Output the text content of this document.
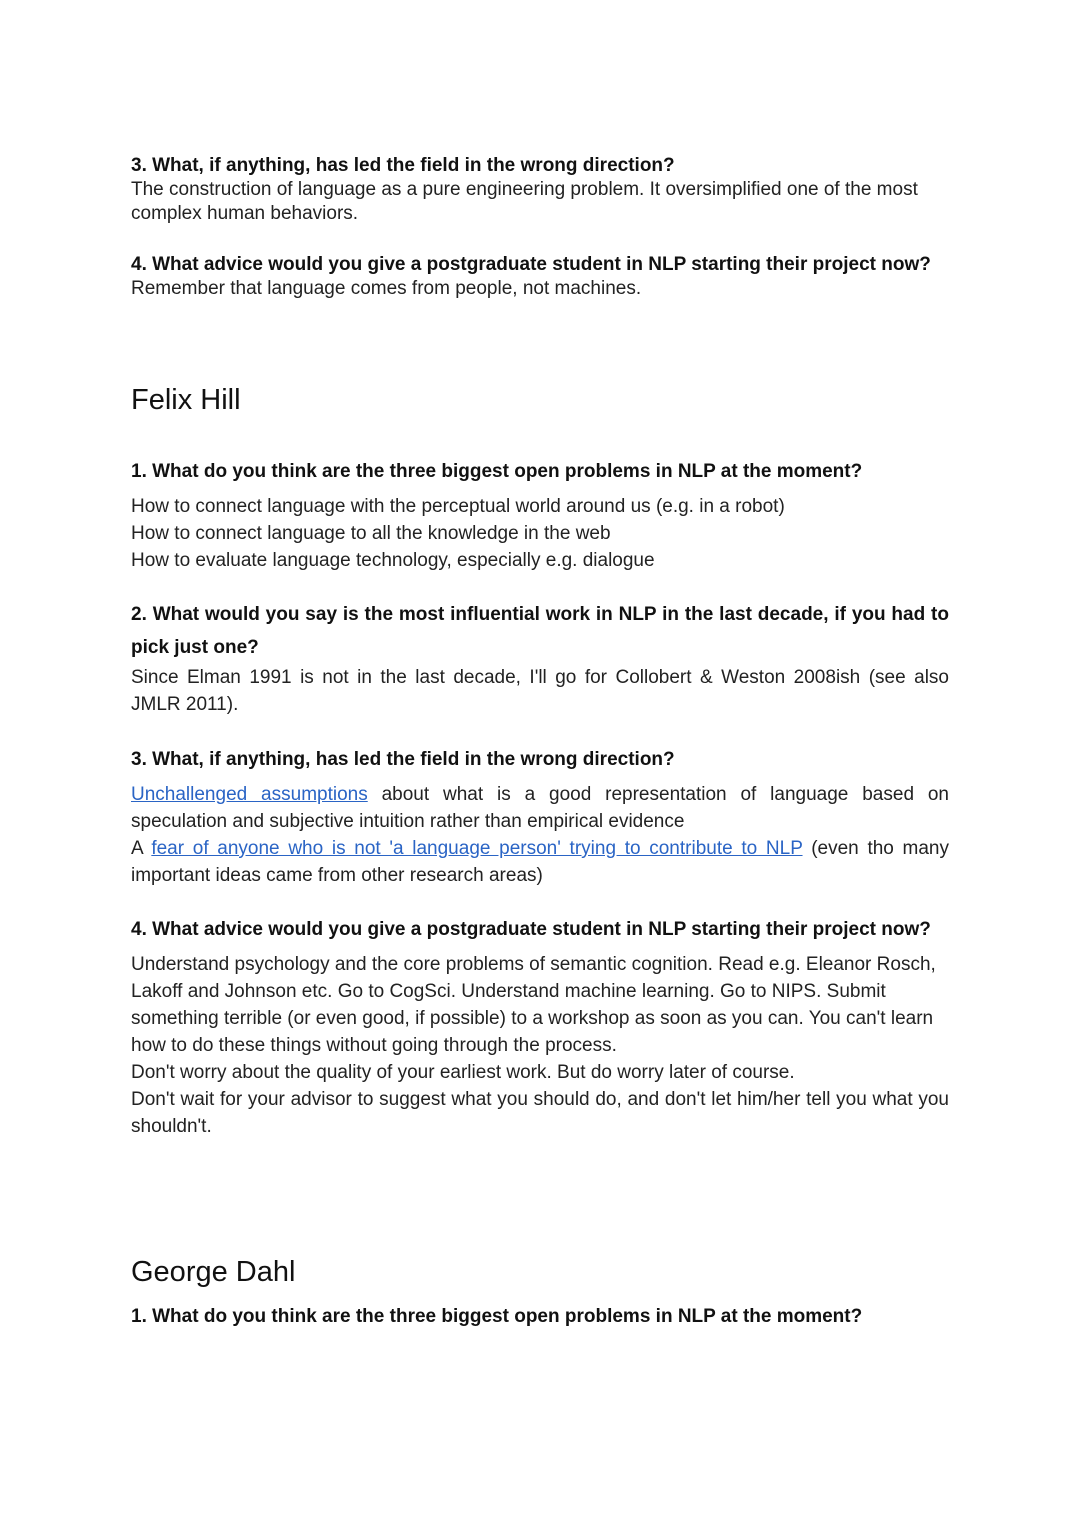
3. What, if anything, has led the field in the wrong direction?

The construction of language as a pure engineering problem. It oversimplified one of the most complex human behaviors.

4. What advice would you give a postgraduate student in NLP starting their project now?

Remember that language comes from people, not machines.

Felix Hill

1. What do you think are the three biggest open problems in NLP at the moment?

How to connect language with the perceptual world around us (e.g. in a robot)

How to connect language to all the knowledge in the web

How to evaluate language technology, especially e.g. dialogue

2. What would you say is the most influential work in NLP in the last decade, if you had to pick just one?

Since Elman 1991 is not in the last decade, I'll go for Collobert & Weston 2008ish (see also JMLR 2011).

3. What, if anything, has led the field in the wrong direction?

Unchallenged assumptions about what is a good representation of language based on speculation and subjective intuition rather than empirical evidence

A fear of anyone who is not 'a language person' trying to contribute to NLP (even tho many important ideas came from other research areas)

4. What advice would you give a postgraduate student in NLP starting their project now?

Understand psychology and the core problems of semantic cognition. Read e.g. Eleanor Rosch, Lakoff and Johnson etc. Go to CogSci. Understand machine learning. Go to NIPS. Submit something terrible (or even good, if possible) to a workshop as soon as you can. You can't learn how to do these things without going through the process.

Don't worry about the quality of your earliest work. But do worry later of course.

Don't wait for your advisor to suggest what you should do, and don't let him/her tell you what you shouldn't.

George Dahl

1. What do you think are the three biggest open problems in NLP at the moment?
